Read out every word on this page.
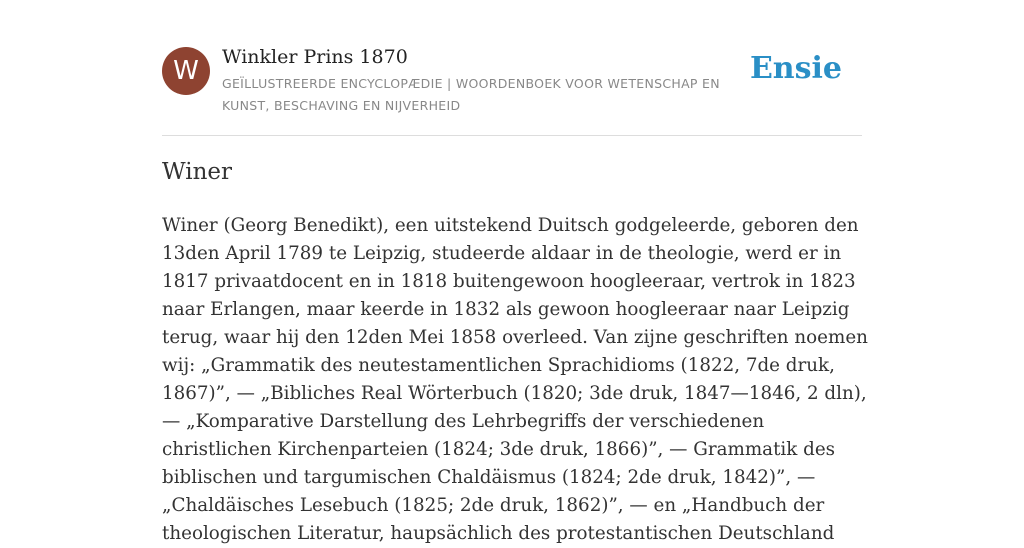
W	Winkler Prins 1870
GEÏLLUSTREERDE ENCYCLOPÆDIE | WOORDENBOEK VOOR WETENSCHAP EN KUNST, BESCHAVING EN NIJVERHEID
Ensie
Winer

Winer (Georg Benedikt), een uitstekend Duitsch godgeleerde, geboren den 13den April 1789 te Leipzig, studeerde aldaar in de theologie, werd er in 1817 privaatdocent en in 1818 buitengewoon hoogleeraar, vertrok in 1823 naar Erlangen, maar keerde in 1832 als gewoon hoogleeraar naar Leipzig terug, waar hij den 12den Mei 1858 overleed. Van zijne geschriften noemen wij: „Grammatik des neutestamentlichen Sprachidioms (1822, 7de druk, 1867)”, — „Bibliches Real Wörterbuch (1820; 3de druk, 1847—1846, 2 dln), — „Komparative Darstellung des Lehrbegriffs der verschiedenen christlichen Kirchenparteien (1824; 3de druk, 1866)”, — Grammatik des biblischen und targumischen Chaldäismus (1824; 2de druk, 1842)”, — „Chaldäisches Lesebuch (1825; 2de druk, 1862)”, — en „Handbuch der theologischen Literatur, haupsächlich des protestantischen Deutschland
